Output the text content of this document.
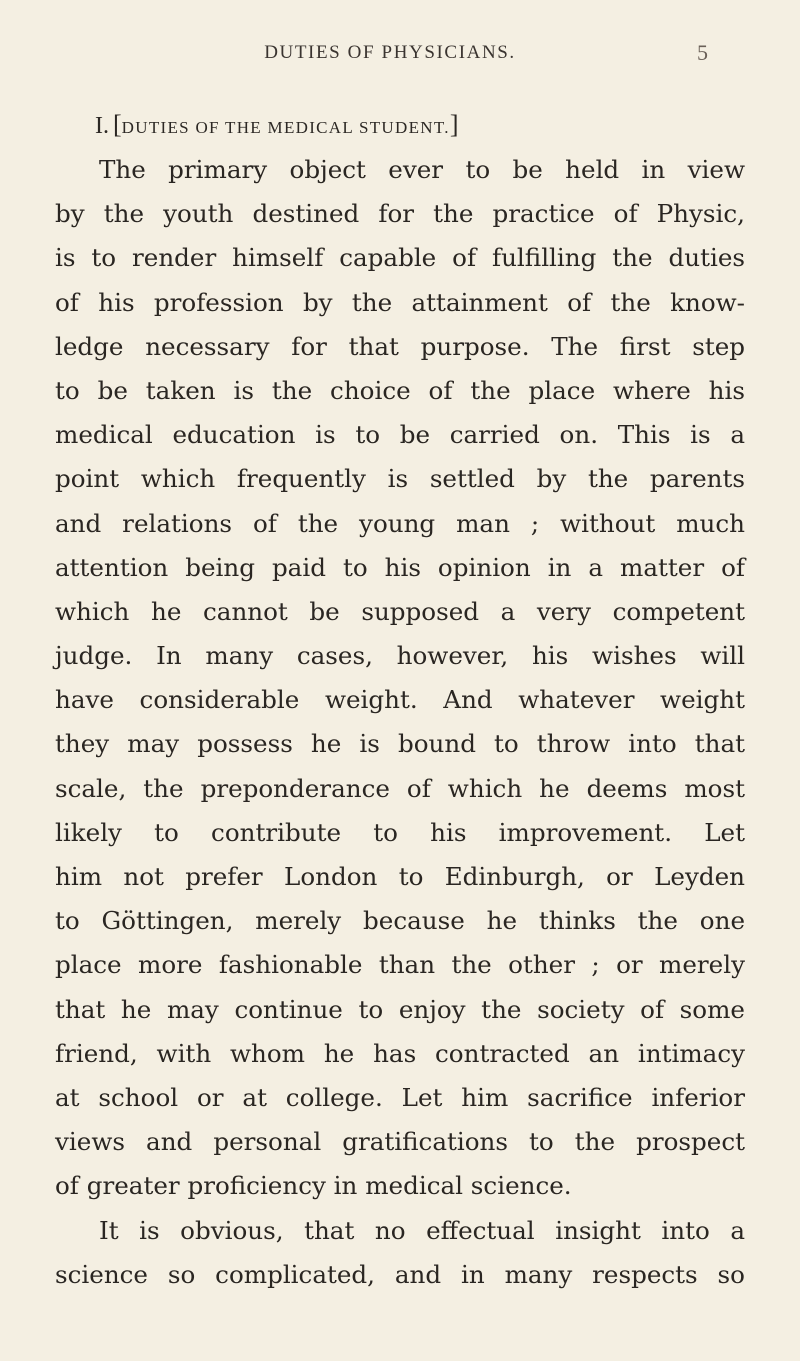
DUTIES OF PHYSICIANS.	5
I. [DUTIES OF THE MEDICAL STUDENT.]
The primary object ever to be held in view
by the youth destined for the practice of Physic,
is to render himself capable of fulfilling the duties
of his profession by the attainment of the know-
ledge necessary for that purpose. The first step
to be taken is the choice of the place where his
medical education is to be carried on. This is a
point which frequently is settled by the parents
and relations of the young man ; without much
attention being paid to his opinion in a matter of
which he cannot be supposed a very competent
judge. In many cases, however, his wishes will
have considerable weight. And whatever weight
they may possess he is bound to throw into that
scale, the preponderance of which he deems most
likely to contribute to his improvement. Let
him not prefer London to Edinburgh, or Leyden
to Göttingen, merely because he thinks the one
place more fashionable than the other ; or merely
that he may continue to enjoy the society of some
friend, with whom he has contracted an intimacy
at school or at college. Let him sacrifice inferior
views and personal gratifications to the prospect
of greater proficiency in medical science.
It is obvious, that no effectual insight into a
science so complicated, and in many respects so
